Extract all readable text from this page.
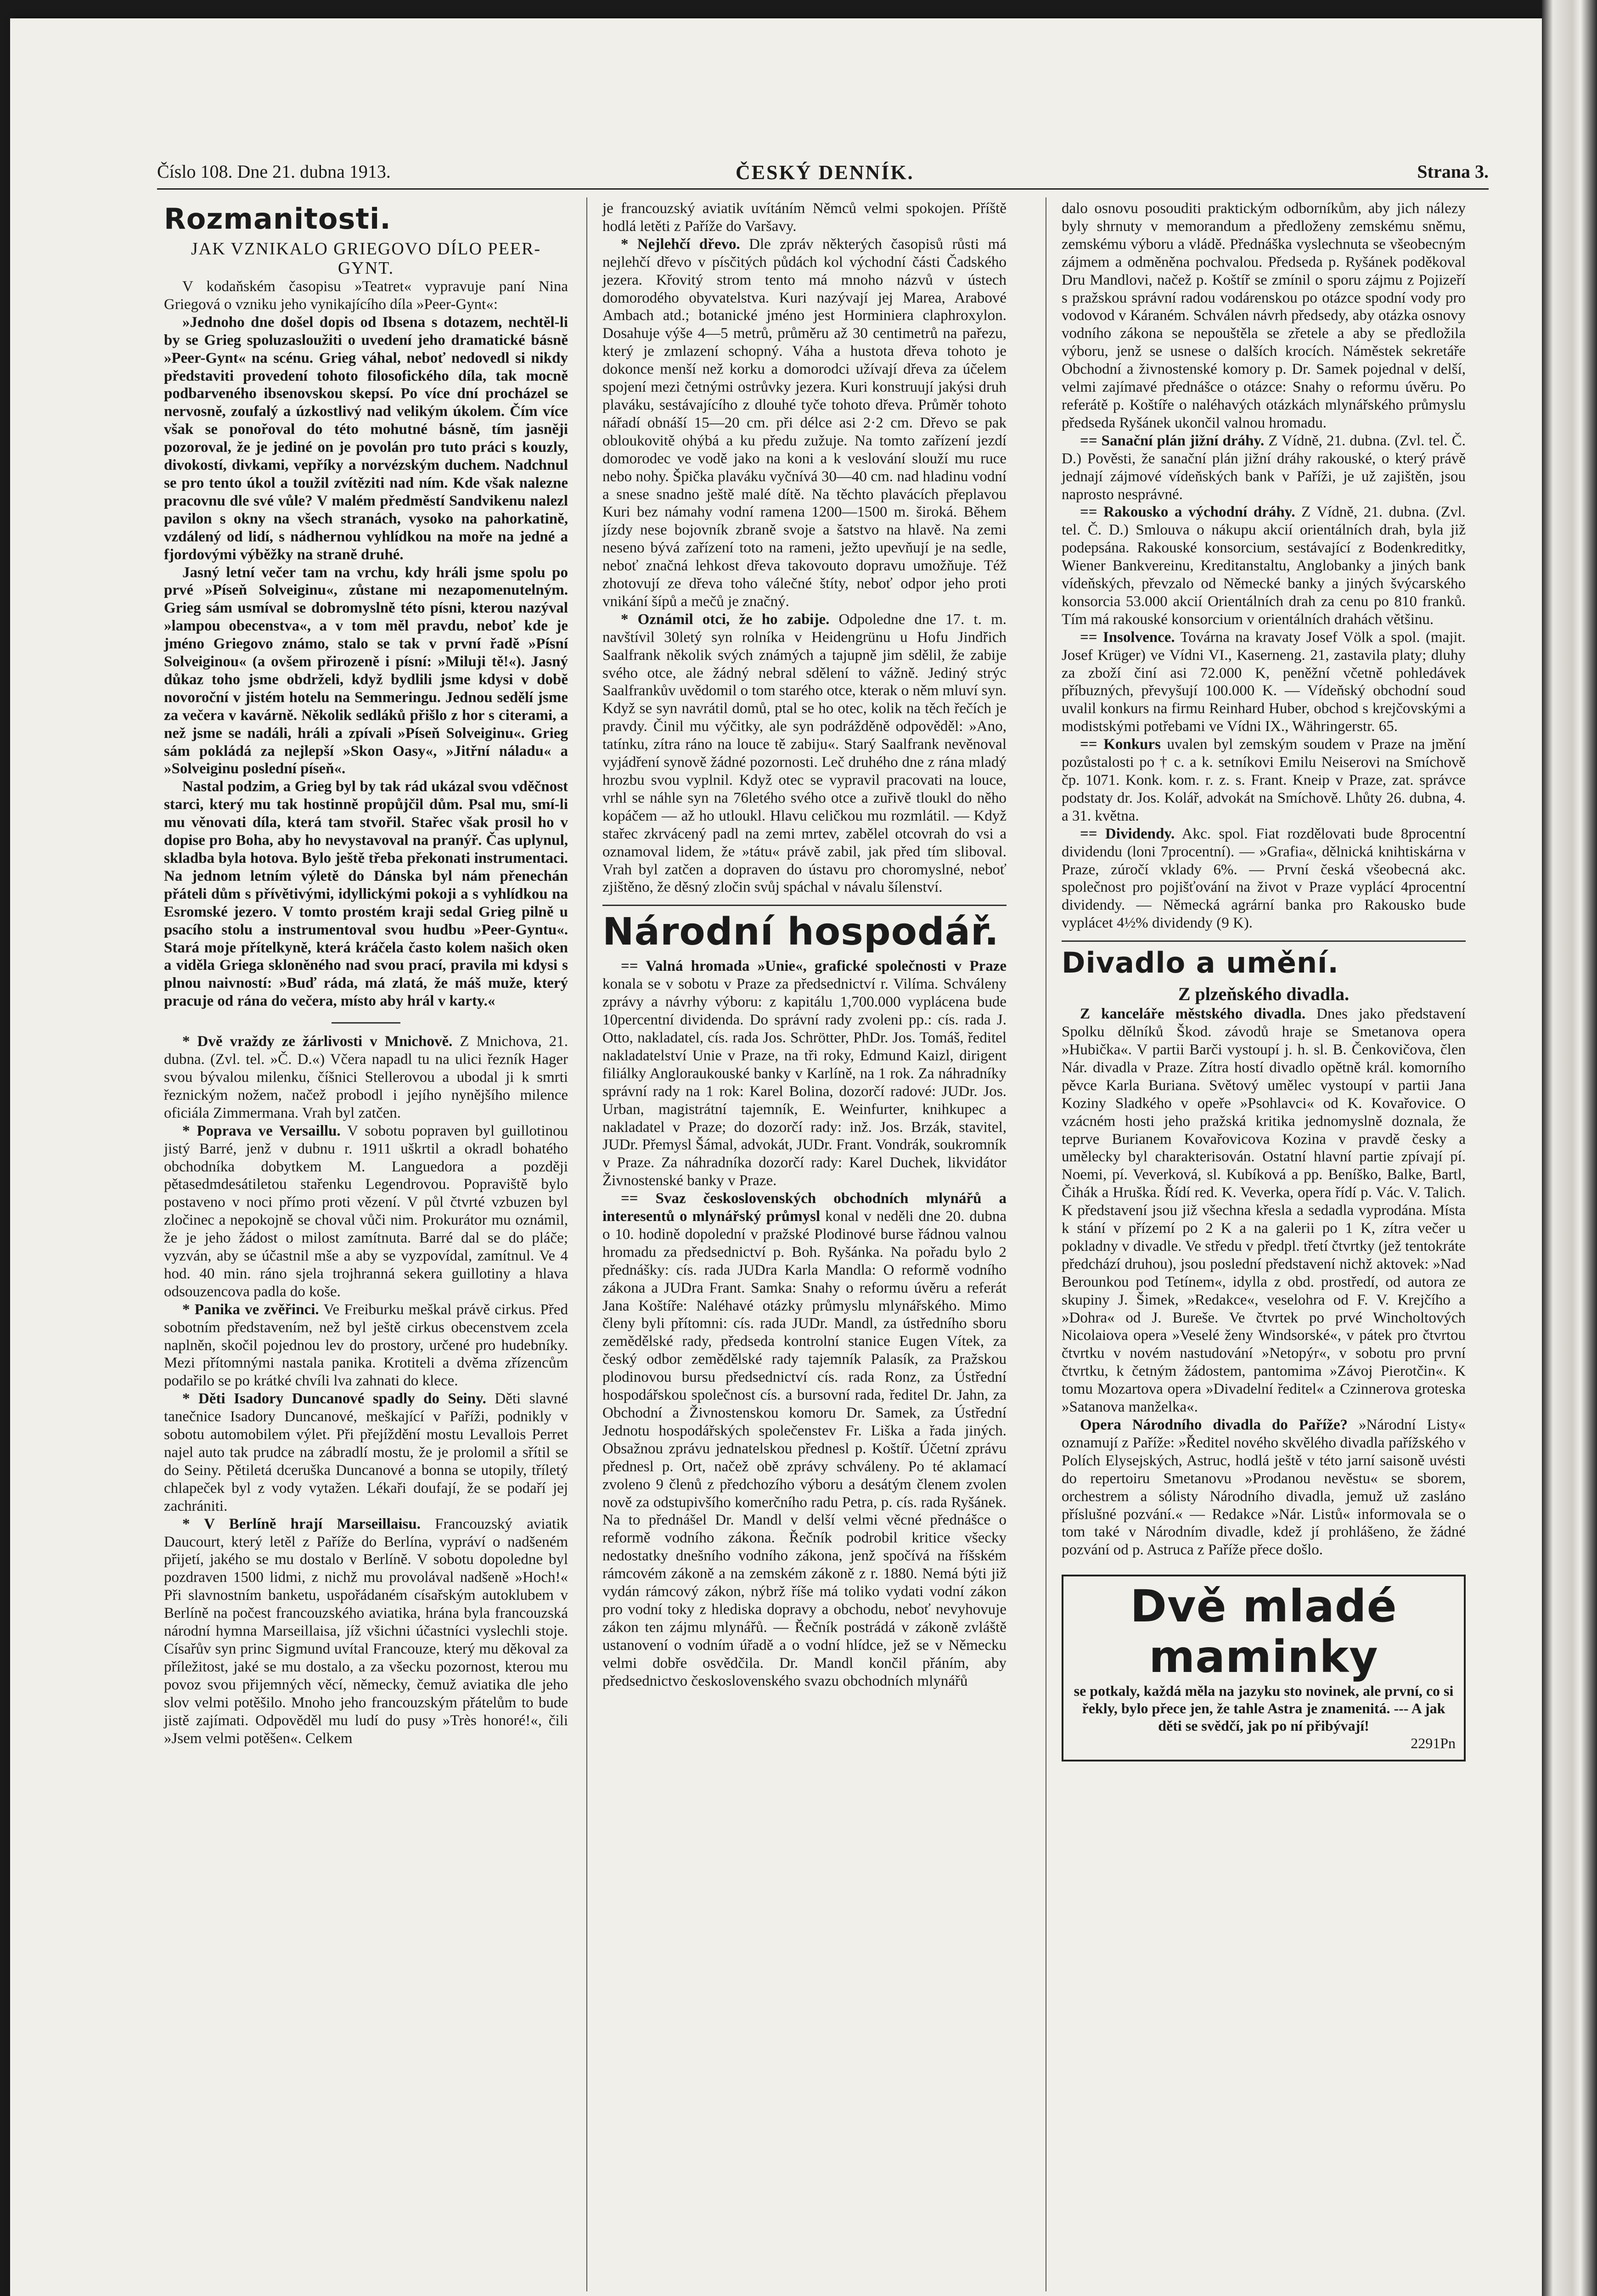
Číslo 108. Dne 21. dubna 1913.	ČESKÝ DENNÍK.	Strana 3.
Rozmanitosti.
JAK VZNIKALO GRIEGOVO DÍLO PEER-GYNT.

V kodaňském časopisu »Teatret« vypravuje paní Nina Griegová o vzniku jeho vynikajícího díla »Peer-Gynt«:

»Jednoho dne došel dopis od Ibsena s dotazem, nechtěl-li by se Grieg spoluzasloužiti o uvedení jeho dramatické básně »Peer-Gynt« na scénu. Grieg váhal, neboť nedovedl si nikdy představiti provedení tohoto filosofického díla, tak mocně podbarveného ibsenovskou skepsí. Po více dní procházel se nervosně, zoufalý a úzkostlivý nad velikým úkolem. Čím více však se ponořoval do této mohutné básně, tím jasněji pozoroval, že je jediné on je povolán pro tuto práci s kouzly, divokostí, divkami, vepříky a norvézským duchem. Nadchnul se pro tento úkol a toužil zvítěziti nad ním. Kde však nalezne pracovnu dle své vůle? V malém předměstí Sandvikenu nalezl pavilon s okny na všech stranách, vysoko na pahorkatině, vzdálený od lidí, s nádhernou vyhlídkou na moře na jedné a fjordovými výběžky na straně druhé.

Jasný letní večer tam na vrchu, kdy hráli jsme spolu po prvé »Píseň Solveiginu«, zůstane mi nezapomenutelným. Grieg sám usmíval se dobromyslně této písni, kterou nazýval »lampou obecenstva«, a v tom měl pravdu, neboť kde je jméno Griegovo známo, stalo se tak v první řadě »Písní Solveiginou« (a ovšem přirozeně i písní: »Miluji tě!«). Jasný důkaz toho jsme obdrželi, když bydlili jsme kdysi v době novoroční v jistém hotelu na Semmeringu. Jednou sedělí jsme za večera v kavárně. Několik sedláků přišlo z hor s citerami, a než jsme se nadáli, hráli a zpívali »Píseň Solveiginu«. Grieg sám pokládá za nejlepší »Skon Oasy«, »Jitřní náladu« a »Solveiginu poslední píseň«.

Nastal podzim, a Grieg byl by tak rád ukázal svou vděčnost starci, který mu tak hostinně propůjčil dům. Psal mu, smí-li mu věnovati díla, která tam stvořil. Stařec však prosil ho v dopise pro Boha, aby ho nevystavoval na pranýř. Čas uplynul, skladba byla hotova. Bylo ještě třeba překonati instrumentaci. Na jednom letním výletě do Dánska byl nám přenechán přáteli dům s přívětivými, idyllickými pokoji a s vyhlídkou na Esromské jezero. V tomto prostém kraji sedal Grieg pilně u psacího stolu a instrumentoval svou hudbu »Peer-Gyntu«. Stará moje přítelkyně, která kráčela často kolem našich oken a viděla Griega skloněného nad svou prací, pravila mi kdysi s plnou naivností: »Buď ráda, má zlatá, že máš muže, který pracuje od rána do večera, místo aby hrál v karty.«

* Dvě vraždy ze žárlivosti v Mnichově. Z Mnichova, 21. dubna. (Zvl. tel. »Č. D.«) Včera napadl tu na ulici řezník Hager svou bývalou milenku, číšnici Stellerovou a ubodal ji k smrti řeznickým nožem, načež probodl i jejího nynějšího milence oficiála Zimmermana. Vrah byl zatčen.

* Poprava ve Versaillu. V sobotu popraven byl guillotinou jistý Barré, jenž v dubnu r. 1911 uškrtil a okradl bohatého obchodníka dobytkem M. Languedora a později pětasedmdesátiletou stařenku Legendrovou. Popraviště bylo postaveno v noci přímo proti vězení. V půl čtvrté vzbuzen byl zločinec a nepokojně se choval vůči nim. Prokurátor mu oznámil, že je jeho žádost o milost zamítnuta. Barré dal se do pláče; vyzván, aby se účastnil mše a aby se vyzpovídal, zamítnul. Ve 4 hod. 40 min. ráno sjela trojhranná sekera guillotiny a hlava odsouzencova padla do koše.

* Panika ve zvěřinci. Ve Freiburku meškal právě cirkus. Před sobotním představením, než byl ještě cirkus obecenstvem zcela naplněn, skočil pojednou lev do prostory, určené pro hudebníky. Mezi přítomnými nastala panika. Krotiteli a dvěma zřízencům podařilo se po krátké chvíli lva zahnati do klece.

* Děti Isadory Duncanové spadly do Seiny. Děti slavné tanečnice Isadory Duncanové, meškající v Paříži, podnikly v sobotu automobilem výlet. Při přejíždění mostu Levallois Perret najel auto tak prudce na zábradlí mostu, že je prolomil a sřítil se do Seiny. Pětiletá dceruška Duncanové a bonna se utopily, tříletý chlapeček byl z vody vytažen. Lékaři doufají, že se podaří jej zachrániti.

* V Berlíně hrají Marseillaisu. Francouzský aviatik Daucourt, který letěl z Paříže do Berlína, vypráví o nadšeném přijetí, jakého se mu dostalo v Berlíně. V sobotu dopoledne byl pozdraven 1500 lidmi, z nichž mu provolával nadšeně »Hoch!« Při slavnostním banketu, uspořádaném císařským autoklubem v Berlíně na počest francouzského aviatika, hrána byla francouzská národní hymna Marseillaisa, jíž všichni účastníci vyslechli stoje. Císařův syn princ Sigmund uvítal Francouze, který mu děkoval za příležitost, jaké se mu dostalo, a za všecku pozornost, kterou mu povoz svou přijemných věcí, německy, čemuž aviatika dle jeho slov velmi potěšilo. Mnoho jeho francouzským přátelům to bude jistě zajímati. Odpověděl mu ludí do pusy »Très honoré!«, čili »Jsem velmi potěšen«. Celkem

je francouzský aviatik uvítáním Němců velmi spokojen. Příště hodlá letěti z Paříže do Varšavy.

* Nejlehčí dřevo. Dle zpráv některých časopisů růsti má nejlehčí dřevo v písčitých půdách kol východní části Čadského jezera. Křovitý strom tento má mnoho názvů v ústech domorodého obyvatelstva. Kuri nazývají jej Marea, Arabové Ambach atd.; botanické jméno jest Horminiera claphroxylon. Dosahuje výše 4—5 metrů, průměru až 30 centimetrů na pařezu, který je zmlazení schopný. Váha a hustota dřeva tohoto je dokonce menší než korku a domorodci užívají dřeva za účelem spojení mezi četnými ostrůvky jezera. Kuri konstruují jakýsi druh plaváku, sestávajícího z dlouhé tyče tohoto dřeva. Průměr tohoto nářadí obnáší 15—20 cm. při délce asi 2·2 cm. Dřevo se pak obloukovitě ohýbá a ku předu zužuje. Na tomto zařízení jezdí domorodec ve vodě jako na koni a k veslování slouží mu ruce nebo nohy. Špička plaváku vyčnívá 30—40 cm. nad hladinu vodní a snese snadno ještě malé dítě. Na těchto plavácích přeplavou Kuri bez námahy vodní ramena 1200—1500 m. široká. Během jízdy nese bojovník zbraně svoje a šatstvo na hlavě. Na zemi neseno bývá zařízení toto na rameni, ježto upevňují je na sedle, neboť značná lehkost dřeva takovouto dopravu umožňuje. Též zhotovují ze dřeva toho válečné štíty, neboť odpor jeho proti vnikání šípů a mečů je značný.

* Oznámil otci, že ho zabije. Odpoledne dne 17. t. m. navštívil 30letý syn rolníka v Heidengrünu u Hofu Jindřich Saalfrank několik svých známých a tajupně jim sdělil, že zabije svého otce, ale žádný nebral sdělení to vážně. Jediný strýc Saalfrankův uvědomil o tom starého otce, kterak o něm mluví syn. Když se syn navrátil domů, ptal se ho otec, kolik na těch řečích je pravdy. Činil mu výčitky, ale syn podrážděně odpověděl: »Ano, tatínku, zítra ráno na louce tě zabiju«. Starý Saalfrank nevěnoval vyjádření synově žádné pozornosti. Leč druhého dne z rána mladý hrozbu svou vyplnil. Když otec se vypravil pracovati na louce, vrhl se náhle syn na 76letého svého otce a zuřivě tloukl do něho kopáčem — až ho utloukl. Hlavu celičkou mu rozmlátil. — Když stařec zkrvácený padl na zemi mrtev, zabělel otcovrah do vsi a oznamoval lidem, že »tátu« právě zabil, jak před tím sliboval. Vrah byl zatčen a dopraven do ústavu pro choromyslné, neboť zjištěno, že děsný zločin svůj spáchal v návalu šílenství.

Národní hospodář.

== Valná hromada »Unie«, grafické společnosti v Praze konala se v sobotu v Praze za předsednictví r. Vilíma. Schváleny zprávy a návrhy výboru: z kapitálu 1,700.000 vyplácena bude 10percentní dividenda. Do správní rady zvoleni pp.: cís. rada J. Otto, nakladatel, cís. rada Jos. Schrötter, PhDr. Jos. Tomáš, ředitel nakladatelství Unie v Praze, na tři roky, Edmund Kaizl, dirigent filiálky Angloraukouské banky v Karlíně, na 1 rok. Za náhradníky správní rady na 1 rok: Karel Bolina, dozorčí radové: JUDr. Jos. Urban, magistrátní tajemník, E. Weinfurter, knihkupec a nakladatel v Praze; do dozorčí rady: inž. Jos. Brzák, stavitel, JUDr. Přemysl Šámal, advokát, JUDr. Frant. Vondrák, soukromník v Praze. Za náhradníka dozorčí rady: Karel Duchek, likvidátor Živnostenské banky v Praze.

== Svaz československých obchodních mlynářů a interesentů o mlynářský průmysl konal v neděli dne 20. dubna o 10. hodině dopolední v pražské Plodinové burse řádnou valnou hromadu za předsednictví p. Boh. Ryšánka. Na pořadu bylo 2 přednášky: cís. rada JUDra Karla Mandla: O reformě vodního zákona a JUDra Frant. Samka: Snahy o reformu úvěru a referát Jana Koštíře: Naléhavé otázky průmyslu mlynářského. Mimo členy byli přítomni: cís. rada JUDr. Mandl, za ústředního sboru zemědělské rady, předseda kontrolní stanice Eugen Vítek, za český odbor zemědělské rady tajemník Palasík, za Pražskou plodinovou bursu předsednictví cís. rada Ronz, za Ústřední hospodářskou společnost cís. a bursovní rada, ředitel Dr. Jahn, za Obchodní a Živnostenskou komoru Dr. Samek, za Ústřední Jednotu hospodářských společenstev Fr. Liška a řada jiných. Obsažnou zprávu jednatelskou přednesl p. Koštíř. Účetní zprávu přednesl p. Ort, načež obě zprávy schváleny. Po té aklamací zvoleno 9 členů z předchozího výboru a desátým členem zvolen nově za odstupivšího komerčního radu Petra, p. cís. rada Ryšánek. Na to přednášel Dr. Mandl v delší velmi věcné přednášce o reformě vodního zákona. Řečník podrobil kritice všecky nedostatky dnešního vodního zákona, jenž spočívá na říšském rámcovém zákoně a na zemském zákoně z r. 1880. Nemá býti již vydán rámcový zákon, nýbrž říše má toliko vydati vodní zákon pro vodní toky z hlediska dopravy a obchodu, neboť nevyhovuje zákon ten zájmu mlynářů. — Řečník postrádá v zákoně zvláště ustanovení o vodním úřadě a o vodní hlídce, jež se v Německu velmi dobře osvědčila. Dr. Mandl končil přáním, aby předsednictvo československého svazu obchodních mlynářů

dalo osnovu posouditi praktickým odborníkům, aby jich nálezy byly shrnuty v memorandum a předloženy zemskému sněmu, zemskému výboru a vládě. Přednáška vyslechnuta se všeobecným zájmem a odměněna pochvalou. Předseda p. Ryšánek poděkoval Dru Mandlovi, načež p. Koštíř se zmínil o sporu zájmu z Pojizeří s pražskou správní radou vodárenskou po otázce spodní vody pro vodovod v Káraném. Schválen návrh předsedy, aby otázka osnovy vodního zákona se nepouštěla se zřetele a aby se předložila výboru, jenž se usnese o dalších krocích. Náměstek sekretáře Obchodní a živnostenské komory p. Dr. Samek pojednal v delší, velmi zajímavé přednášce o otázce: Snahy o reformu úvěru. Po referátě p. Koštíře o naléhavých otázkách mlynářského průmyslu předseda Ryšánek ukončil valnou hromadu.

== Sanační plán jižní dráhy. Z Vídně, 21. dubna. (Zvl. tel. Č. D.) Pověsti, že sanační plán jižní dráhy rakouské, o který právě jednají zájmové vídeňských bank v Paříži, je už zajištěn, jsou naprosto nesprávné.

== Rakousko a východní dráhy. Z Vídně, 21. dubna. (Zvl. tel. Č. D.) Smlouva o nákupu akcií orientálních drah, byla již podepsána. Rakouské konsorcium, sestávající z Bodenkreditky, Wiener Bankvereinu, Kreditanstaltu, Anglobanky a jiných bank vídeňských, převzalo od Německé banky a jiných švýcarského konsorcia 53.000 akcií Orientálních drah za cenu po 810 franků. Tím má rakouské konsorcium v orientálních drahách většinu.

== Insolvence. Továrna na kravaty Josef Völk a spol. (majit. Josef Krüger) ve Vídni VI., Kaserneng. 21, zastavila platy; dluhy za zboží činí asi 72.000 K, peněžní včetně pohledávek příbuzných, převyšují 100.000 K. — Vídeňský obchodní soud uvalil konkurs na firmu Reinhard Huber, obchod s krejčovskými a modistskými potřebami ve Vídni IX., Währingerstr. 65.

== Konkurs uvalen byl zemským soudem v Praze na jmění pozůstalosti po † c. a k. setníkovi Emilu Neiserovi na Smíchově čp. 1071. Konk. kom. r. z. s. Frant. Kneip v Praze, zat. správce podstaty dr. Jos. Kolář, advokát na Smíchově. Lhůty 26. dubna, 4. a 31. května.

== Dividendy. Akc. spol. Fiat rozdělovati bude 8procentní dividendu (loni 7procentní). — »Grafia«, dělnická knihtiskárna v Praze, zúročí vklady 6%. — První česká všeobecná akc. společnost pro pojišťování na život v Praze vyplácí 4procentní dividendy. — Německá agrární banka pro Rakousko bude vyplácet 4½% dividendy (9 K).

Divadlo a umění.
Z plzeňského divadla.

Z kanceláře městského divadla. Dnes jako představení Spolku dělníků Škod. závodů hraje se Smetanova opera »Hubička«. V partii Barči vystoupí j. h. sl. B. Čenkovičova, člen Nár. divadla v Praze. Zítra hostí divadlo opětně král. komorního pěvce Karla Buriana. Světový umělec vystoupí v partii Jana Koziny Sladkého v opeře »Psohlavci« od K. Kovařovice. O vzácném hosti jeho pražská kritika jednomyslně doznala, že teprve Burianem Kovařovicova Kozina v pravdě česky a umělecky byl charakterisován. Ostatní hlavní partie zpívají pí. Noemi, pí. Veverková, sl. Kubíková a pp. Beníško, Balke, Bartl, Čihák a Hruška. Řídí red. K. Veverka, opera řídí p. Vác. V. Talich. K představení jsou již všechna křesla a sedadla vyprodána. Místa k stání v přízemí po 2 K a na galerii po 1 K, zítra večer u pokladny v divadle. Ve středu v předpl. třetí čtvrtky (jež tentokráte předchází druhou), jsou poslední představení nichž aktovek: »Nad Berounkou pod Tetínem«, idylla z obd. prostředí, od autora ze skupiny J. Šimek, »Redakce«, veselohra od F. V. Krejčího a »Dohra« od J. Bureše. Ve čtvrtek po prvé Wincholtových Nicolaiova opera »Veselé ženy Windsorské«, v pátek pro čtvrtou čtvrtku v novém nastudování »Netopýr«, v sobotu pro první čtvrtku, k četným žádostem, pantomima »Závoj Pierotčin«. K tomu Mozartova opera »Divadelní ředitel« a Czinnerova groteska »Satanova manželka«.

Opera Národního divadla do Paříže? »Národní Listy« oznamují z Paříže: »Ředitel nového skvělého divadla pařížského v Polích Elysejských, Astruc, hodlá ještě v této jarní saisoně uvésti do repertoiru Smetanovu »Prodanou nevěstu« se sborem, orchestrem a sólisty Národního divadla, jemuž už zasláno příslušné pozvání.« — Redakce »Nár. Listů« informovala se o tom také v Národním divadle, kdež jí prohlášeno, že žádné pozvání od p. Astruca z Paříže přece došlo.

Dvě mladé maminky
se potkaly, každá měla na jazyku sto novinek, ale první, co si řekly, bylo přece jen, že tahle Astra je znamenitá. --- A jak děti se svědčí, jak po ní přibývají!
2291Pn
